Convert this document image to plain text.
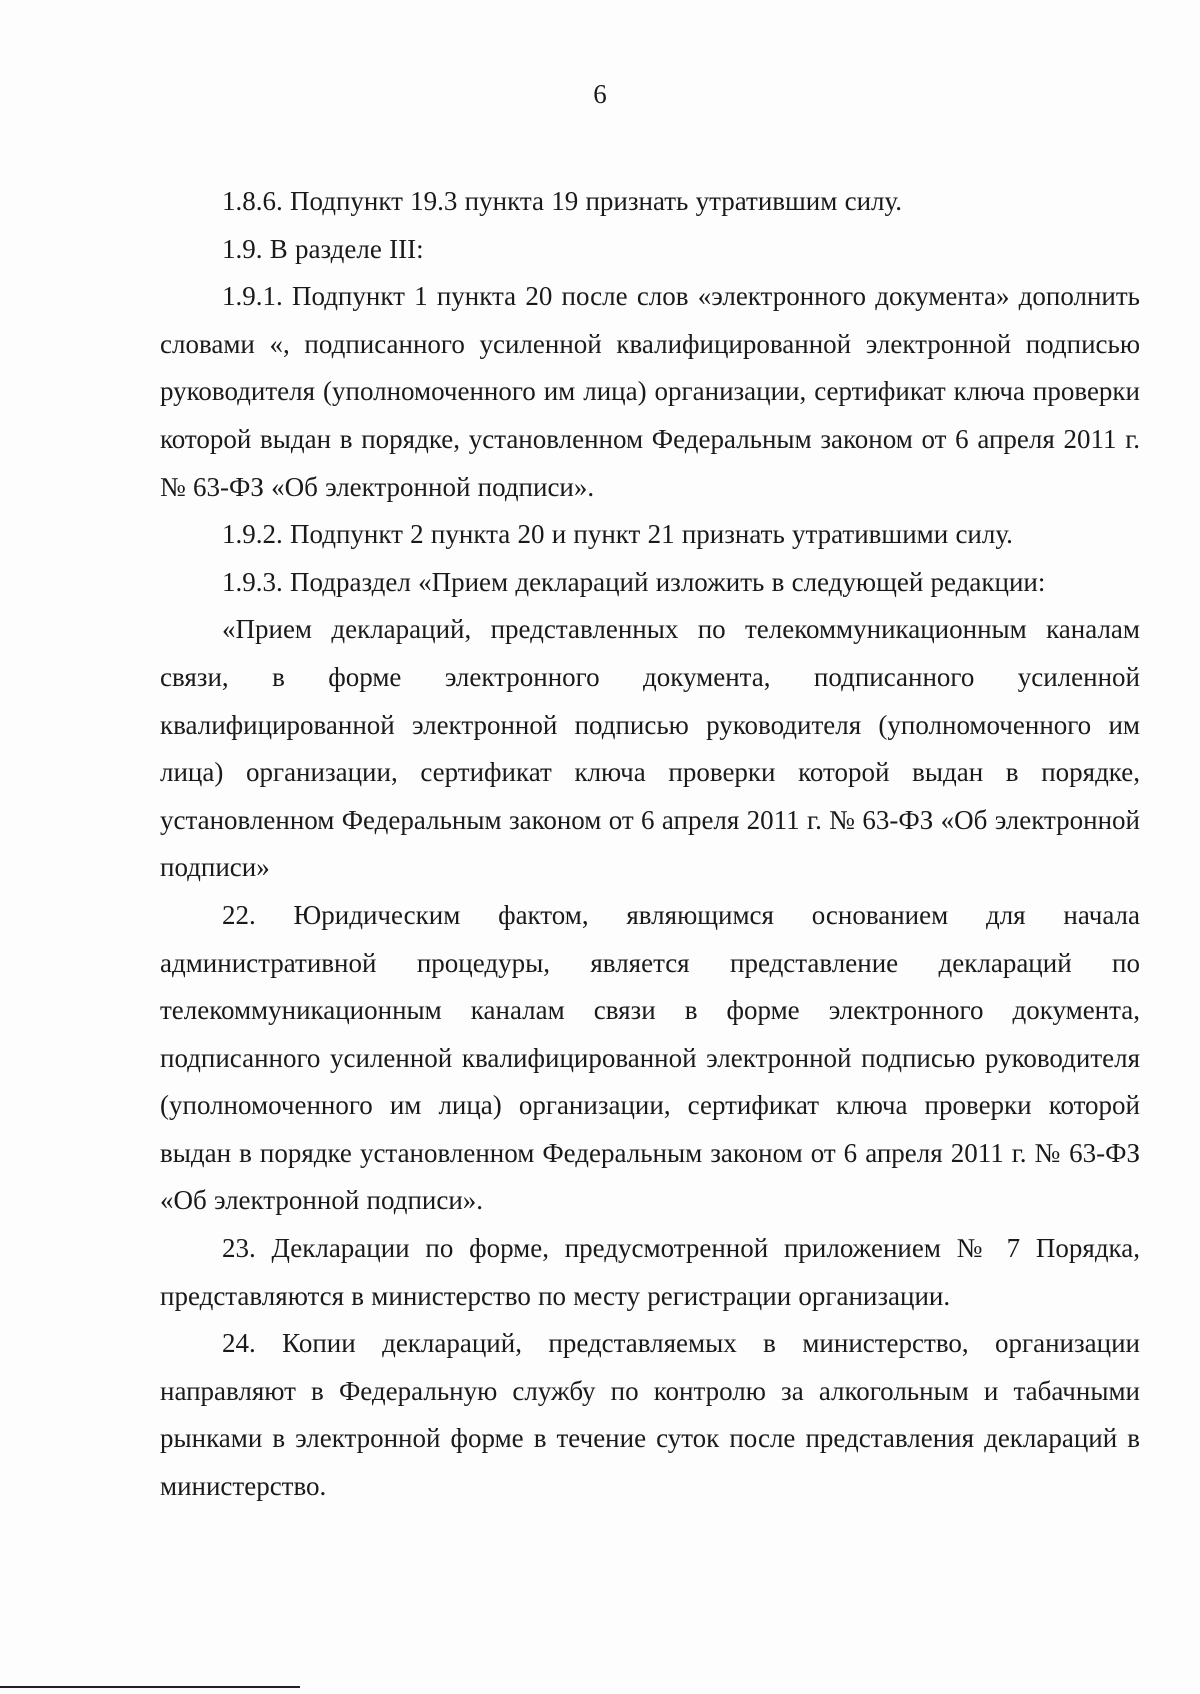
6

1.8.6. Подпункт 19.3 пункта 19 признать утратившим силу.

1.9. В разделе III:

1.9.1. Подпункт 1 пункта 20 после слов «электронного документа» дополнить словами «, подписанного усиленной квалифицированной электронной подписью руководителя (уполномоченного им лица) организации, сертификат ключа проверки которой выдан в порядке, установленном Федеральным законом от 6 апреля 2011 г. № 63-ФЗ «Об электронной подписи».

1.9.2. Подпункт 2 пункта 20 и пункт 21 признать утратившими силу.

1.9.3. Подраздел «Прием деклараций изложить в следующей редакции:

«Прием деклараций, представленных по телекоммуникационным каналам связи, в форме электронного документа, подписанного усиленной квалифицированной электронной подписью руководителя (уполномоченного им лица) организации, сертификат ключа проверки которой выдан в порядке, установленном Федеральным законом от 6 апреля 2011 г. № 63-ФЗ «Об электронной подписи»

22. Юридическим фактом, являющимся основанием для начала административной процедуры, является представление деклараций по телекоммуникационным каналам связи в форме электронного документа, подписанного усиленной квалифицированной электронной подписью руководителя (уполномоченного им лица) организации, сертификат ключа проверки которой выдан в порядке установленном Федеральным законом от 6 апреля 2011 г. № 63-ФЗ «Об электронной подписи».

23. Декларации по форме, предусмотренной приложением № 7 Порядка, представляются в министерство по месту регистрации организации.

24. Копии деклараций, представляемых в министерство, организации направляют в Федеральную службу по контролю за алкогольным и табачными рынками в электронной форме в течение суток после представления деклараций в министерство.
